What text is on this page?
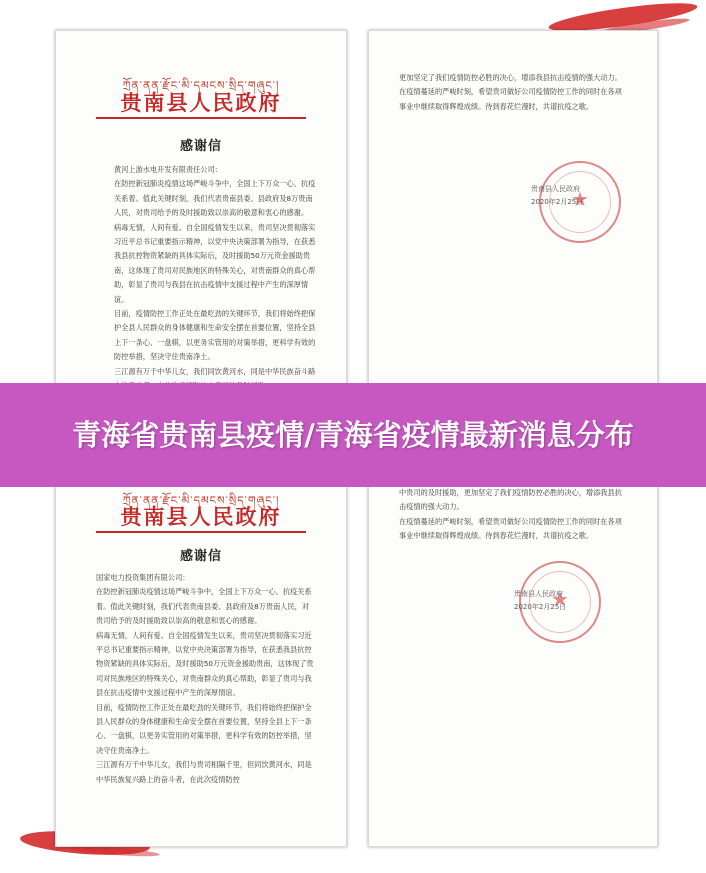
ཀྲོན་ནན་རྫོང་མི་དམངས་སྲིད་གཞུང་།
贵南县人民政府
感谢信
黄河上游水电开发有限责任公司：
在防控新冠肺炎疫情这场严峻斗争中，全国上下万众一心、抗疫关系着。值此关键时刻，我们代表贵南县委、县政府及8万贵南人民，对贵司给予的及时援助致以崇高的敬意和衷心的感谢。
病毒无情，人间有爱。自全国疫情发生以来，贵司坚决贯彻落实习近平总书记重要指示精神，以党中央决策部署为指导，在获悉我县抗控物资紧缺的具体实际后，及时援助50万元资金援助贵南，这体现了贵司对民族地区的特殊关心，对贵南群众的真心帮助，彰显了贵司与我县在抗击疫情中支援过程中产生的深厚情谊。
目前，疫情防控工作正处在最吃劲的关键环节，我们将始终把保护全县人民群众的身体健康和生命安全摆在首要位置，坚持全县上下一条心、一盘棋，以更务实管用的对策举措，更科学有效的防控举措，坚决守住贵南净土。
三江源有万千中华儿女，我们同饮黄河水，同是中华民族奋斗路
更加坚定了我们疫情防控必胜的决心，增添我县抗击疫情的强大动力。
在疫情蔓延的严峻时刻，希望贵司做好公司疫情防控工作的同时在各项事业中继续取得辉煌成绩。待到春花烂漫时，共谱抗疫之歌。
★
贵南县人民政府
2020年2月25日
ཀྲོན་ནན་རྫོང་མི་དམངས་སྲིད་གཞུང་།
贵南县人民政府
感谢信
国家电力投资集团有限公司：
在防控新冠肺炎疫情这场严峻斗争中，全国上下万众一心、抗疫关系着。值此关键时刻，我们代表贵南县委、县政府及8万贵南人民，对贵司给予的及时援助致以崇高的敬意和衷心的感谢。
病毒无情，人间有爱。自全国疫情发生以来，贵司坚决贯彻落实习近平总书记重要指示精神，以党中央决策部署为指导，在获悉我县抗控物资紧缺的具体实际后，及时援助50万元资金援助贵南，这体现了贵司对民族地区的特殊关心，对贵南群众的真心帮助，彰显了贵司与我县在抗击疫情中支援过程中产生的深厚情谊。
目前，疫情防控工作正处在最吃劲的关键环节，我们将始终把保护全县人民群众的身体健康和生命安全摆在首要位置，坚持全县上下一条心、一盘棋，以更务实管用的对策举措，更科学有效的防控举措，坚决守住贵南净土。
三江源有万千中华儿女，我们与贵司相隔千里，但同饮黄河水，同是中华民族复兴路上的奋斗者，在此次疫情防控
中贵司的及时援助，更加坚定了我们疫情防控必胜的决心，增添我县抗击疫情的强大动力。
在疫情蔓延的严峻时刻，希望贵司做好公司疫情防控工作的同时在各项事业中继续取得辉煌成绩。待到春花烂漫时，共谱抗疫之歌。
★
贵南县人民政府
2020年2月25日
青海省贵南县疫情/青海省疫情最新消息分布
